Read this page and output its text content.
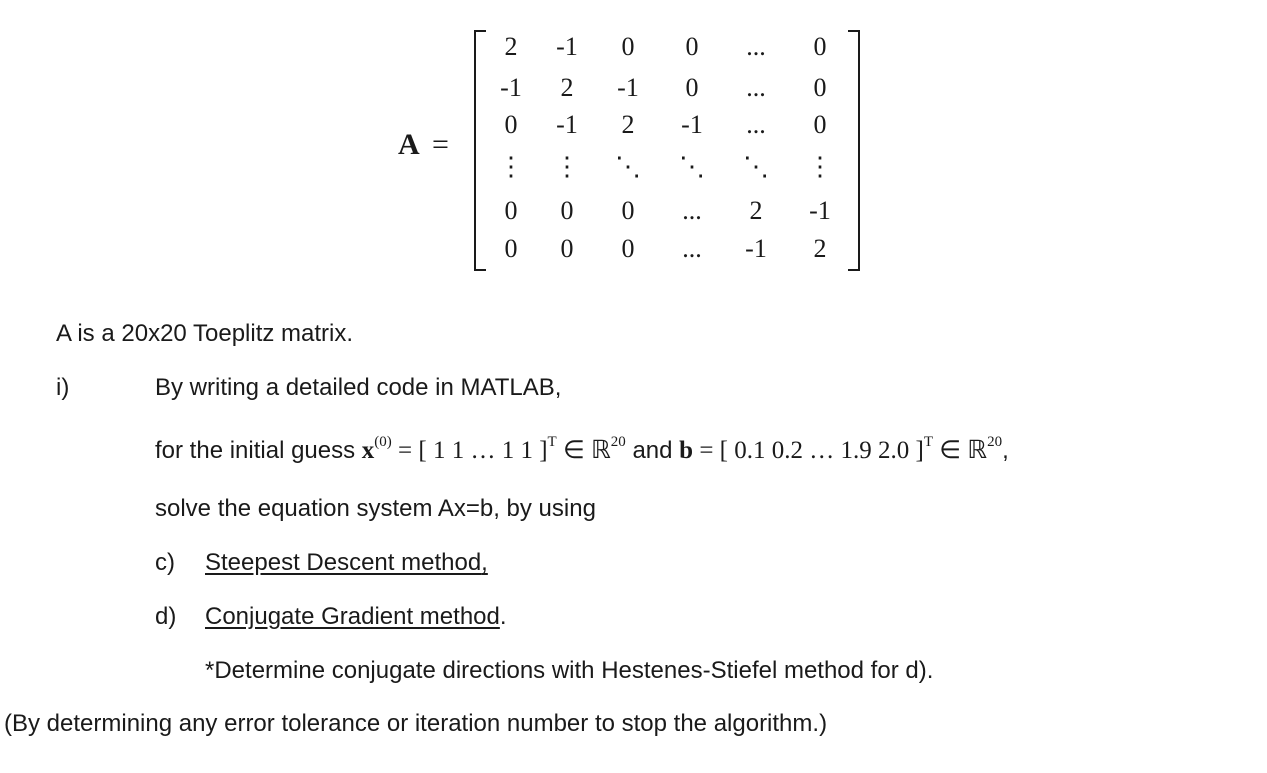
A =
2	-1	0	0	...	0
-1	2	-1	0	...	0
0	-1	2	-1	...	0
⋮	⋮	⋱	⋱	⋱	⋮
0	0	0	...	2	-1
0	0	0	...	-1	2
A is a 20x20 Toeplitz matrix.
i)	By writing a detailed code in MATLAB,
for the initial guess $x^{(0)}$ = [ 1 1 … 1 1 ]$^T$ ∈ ℝ$^{20}$ and b = [ 0.1 0.2 … 1.9 2.0 ]$^T$ ∈ ℝ$^{20}$,
solve the equation system Ax=b, by using
c) Steepest Descent method,
d) Conjugate Gradient method.
*Determine conjugate directions with Hestenes-Stiefel method for d).
(By determining any error tolerance or iteration number to stop the algorithm.)
